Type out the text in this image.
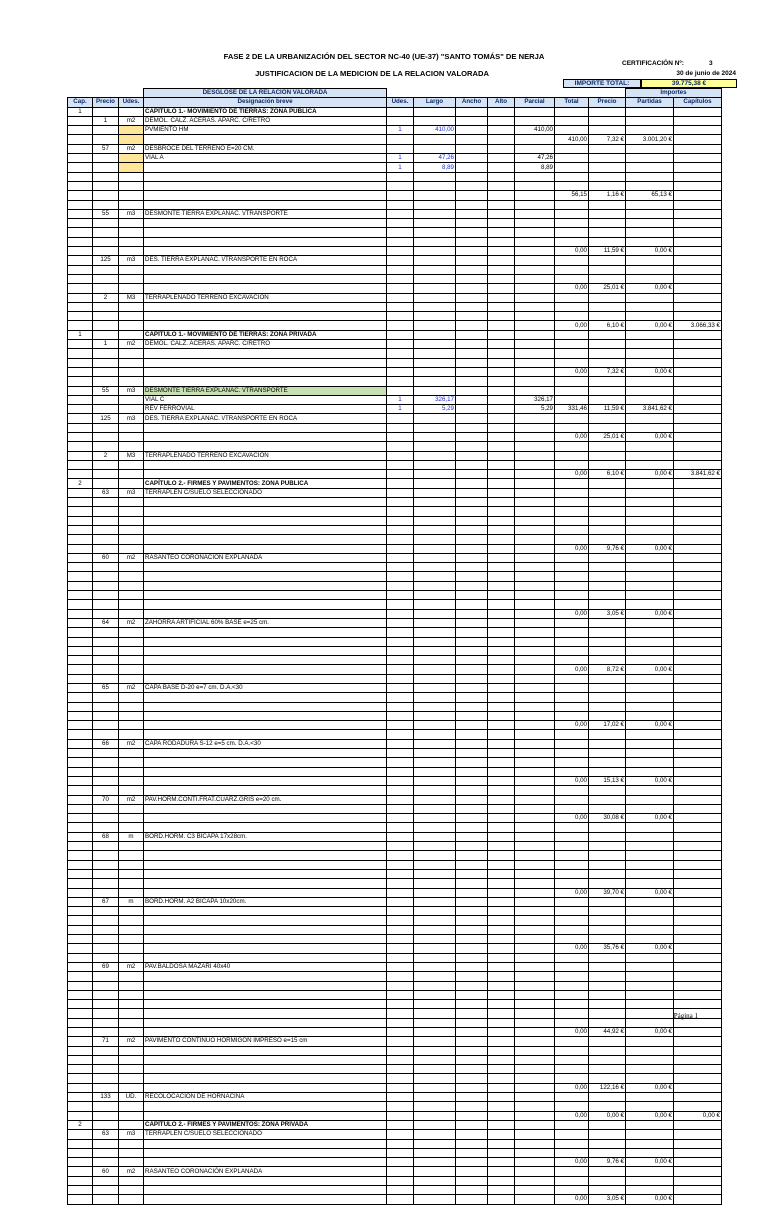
FASE 2 DE LA URBANIZACIÓN DEL SECTOR NC-40 (UE-37) "SANTO TOMÁS" DE NERJA
JUSTIFICACION DE LA MEDICION DE LA RELACION VALORADA
CERTIFICACIÓN Nº:	3
30 de junio de 2024
IMPORTE TOTAL:	39.775,38 €
			DESGLOSE DE LA RELACIÓN VALORADA								Importes	
Cap.	Precio	Udes.	Designación breve	Udes.	Largo	Ancho	Alto	Parcial	Total	Precio	Partidas	Capítulos
1			CAPÍTULO 1.- MOVIMIENTO DE TIERRAS: ZONA PUBLICA									
	1	m2	DEMOL. CALZ. ACERAS. APARC. C/RETRO									
			PVMIENTO HM	1	410,00			410,00				
									410,00	7,32 €	3.001,20 €	
	57	m2	DESBROCE DEL TERRENO E=20 CM.									
			VIAL A	1	47,26			47,26				
				1	8,89			8,89				

									56,15	1,16 €	65,13 €	

	55	m3	DESMONTE TIERRA EXPLANAC. \/TRANSPORTE									

									0,00	11,59 €	0,00 €	
	125	m3	DES. TIERRA EXPLANAC. \/TRANSPORTE EN ROCA									

									0,00	25,01 €	0,00 €	
	2	M3	TERRAPLENADO TERRENO EXCAVACION									

									0,00	6,10 €	0,00 €	3.066,33 €
1			CAPÍTULO 1.- MOVIMIENTO DE TIERRAS: ZONA PRIVADA									
	1	m2	DEMOL. CALZ. ACERAS. APARC. C/RETRO									

									0,00	7,32 €	0,00 €	

	55	m3	DESMONTE TIERRA EXPLANAC. \/TRANSPORTE									
			VIAL C	1	326,17			326,17				
			REV FERROVIAL	1	5,29			5,29	331,46	11,59 €	3.841,62 €	
	125	m3	DES. TIERRA EXPLANAC. \/TRANSPORTE EN ROCA									

									0,00	25,01 €	0,00 €	

	2	M3	TERRAPLENADO TERRENO EXCAVACION									

									0,00	6,10 €	0,00 €	3.841,62 €
2			CAPÍTULO 2.- FIRMES Y PAVIMENTOS: ZONA PUBLICA									
	63	m3	TERRAPLEN C/SUELO SELECCIONADO									

									0,00	9,76 €	0,00 €	
	60	m2	RASANTEO CORONACIÓN EXPLANADA									

									0,00	3,05 €	0,00 €	
	64	m2	ZAHORRA ARTIFICIAL 60% BASE e=25 cm.									

									0,00	8,72 €	0,00 €	

	65	m2	CAPA BASE D-20 e=7 cm. D.A.<30									

									0,00	17,02 €	0,00 €	

	66	m2	CAPA RODADURA S-12 e=5 cm. D.A.<30									

									0,00	15,13 €	0,00 €	

	70	m2	PAV.HORM.CONTI.FRAT.CUARZ.GRIS e=20 cm.									

									0,00	30,08 €	0,00 €	

	68	m	BORD.HORM. C3 BICAPA 17x28cm.									

									0,00	39,70 €	0,00 €	
	67	m	BORD.HORM. A2 BICAPA 10x20cm.									

									0,00	35,76 €	0,00 €	

	69	m2	PAV.BALDOSA MAZARI 40x40									

									0,00	44,92 €	0,00 €	
	71	m2	PAVIMENTO CONTINUO HORMIGON IMPRESO e=15 cm									

									0,00	122,16 €	0,00 €	
	133	UD.	RECOLOCACION DE HORNACINA									

									0,00	0,00 €	0,00 €	0,00 €
2			CAPÍTULO 2.- FIRMES Y PAVIMENTOS: ZONA PRIVADA									
	63	m3	TERRAPLEN C/SUELO SELECCIONADO									

									0,00	9,76 €	0,00 €	
	60	m2	RASANTEO CORONACIÓN EXPLANADA									

									0,00	3,05 €	0,00 €	
Página 1
